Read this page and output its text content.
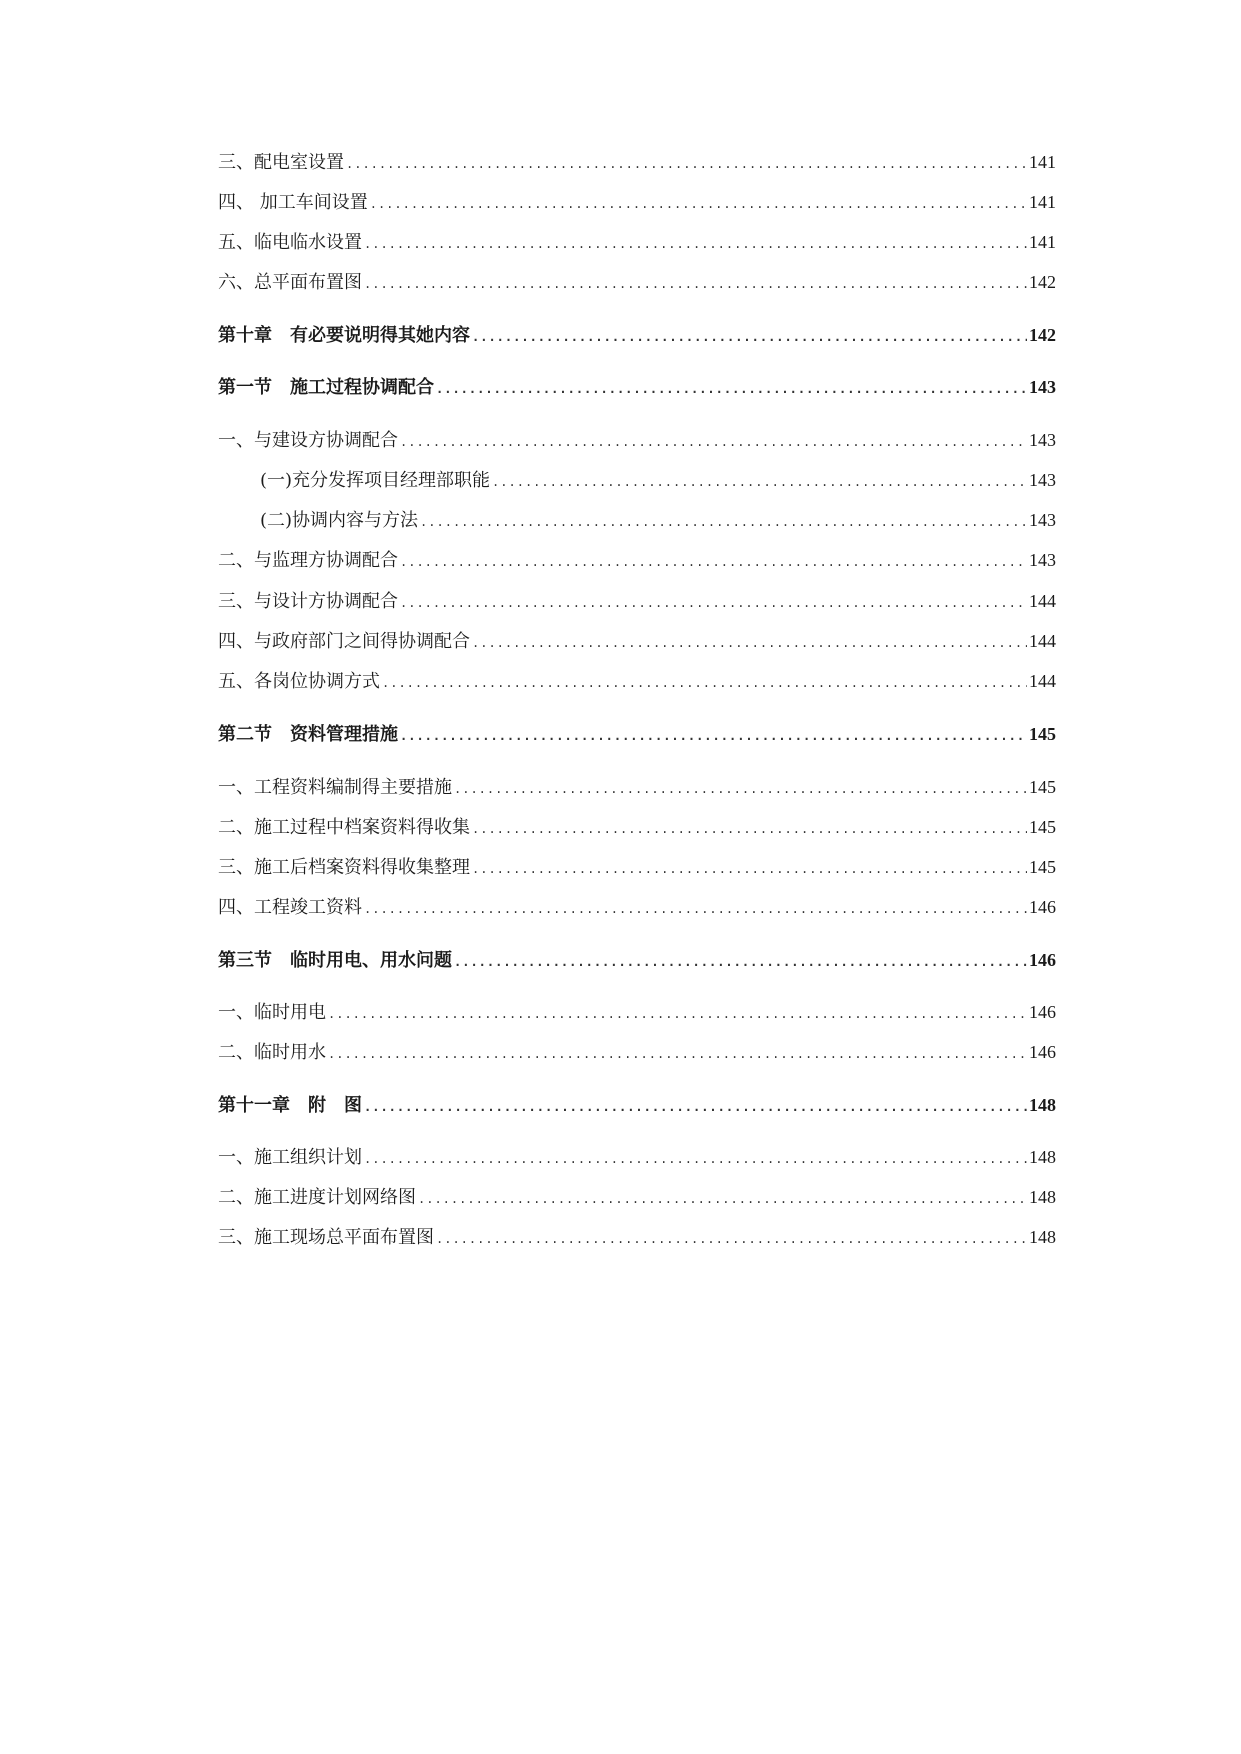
三、配电室设置 .....	141
四、 加工车间设置 .....	141
五、临电临水设置 .....	141
六、总平面布置图 .....	142
第十章　有必要说明得其她内容 .....	142
第一节　施工过程协调配合 .....	143
一、与建设方协调配合 .....	143
(一)充分发挥项目经理部职能 .....	143
(二)协调内容与方法 .....	143
二、与监理方协调配合 .....	143
三、与设计方协调配合 .....	144
四、与政府部门之间得协调配合 .....	144
五、各岗位协调方式 .....	144
第二节　资料管理措施 .....	145
一、工程资料编制得主要措施 .....	145
二、施工过程中档案资料得收集 .....	145
三、施工后档案资料得收集整理 .....	145
四、工程竣工资料 .....	146
第三节　临时用电、用水问题 .....	146
一、临时用电 .....	146
二、临时用水 .....	146
第十一章　附　图 .....	148
一、施工组织计划 .....	148
二、施工进度计划网络图 .....	148
三、施工现场总平面布置图 .....	148
